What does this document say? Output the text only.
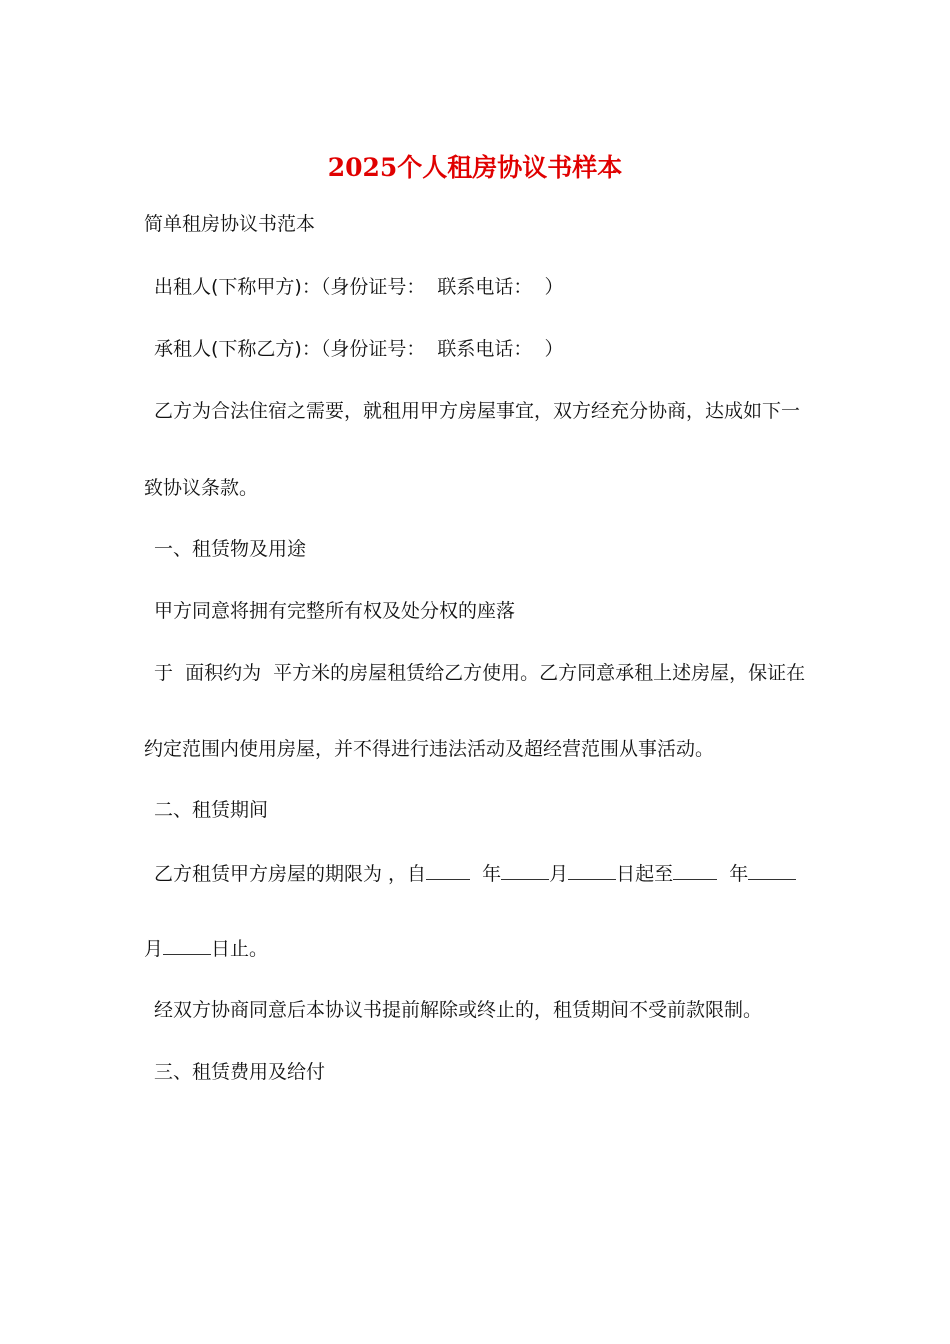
2025个人租房协议书样本
简单租房协议书范本
出租人(下称甲方)：（身份证号：  联系电话：  ）
承租人(下称乙方)：（身份证号：  联系电话：  ）
乙方为合法住宿之需要，就租用甲方房屋事宜，双方经充分协商，达成如下一
致协议条款。
一、租赁物及用途
甲方同意将拥有完整所有权及处分权的座落
于  面积约为  平方米的房屋租赁给乙方使用。乙方同意承租上述房屋，保证在
约定范围内使用房屋，并不得进行违法活动及超经营范围从事活动。
二、租赁期间
乙方租赁甲方房屋的期限为 ，自	年	月	日起至	年
月	日止。
经双方协商同意后本协议书提前解除或终止的，租赁期间不受前款限制。
三、租赁费用及给付
